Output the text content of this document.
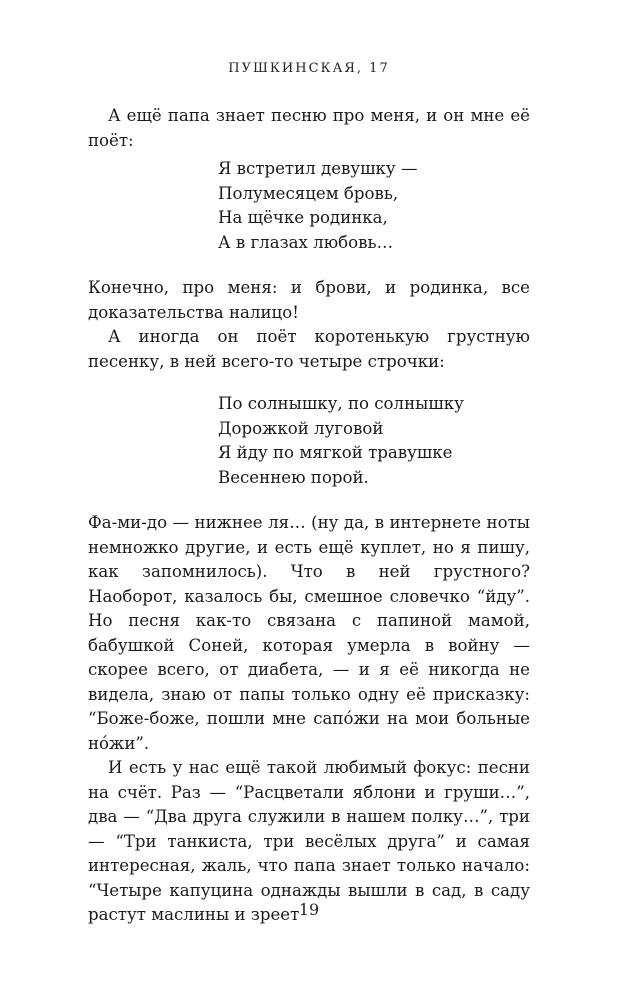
ПУШКИНСКАЯ, 17

А ещё папа знает песню про меня, и он мне её поёт:

Я встретил девушку —
Полумесяцем бровь,
На щёчке родинка,
А в глазах любовь…

Конечно, про меня: и брови, и родинка, все доказательства налицо!

А иногда он поёт коротенькую грустную песенку, в ней всего-то четыре строчки:

По солнышку, по солнышку
Дорожкой луговой
Я йду по мягкой травушке
Весеннею порой.

Фа-ми-до — нижнее ля… (ну да, в интернете ноты немножко другие, и есть ещё куплет, но я пишу, как запомнилось). Что в ней грустного? Наоборот, казалось бы, смешное словечко “йду”. Но песня как-то связана с папиной мамой, бабушкой Соней, которая умерла в войну — скорее всего, от диабета, — и я её никогда не видела, знаю от папы только одну её присказку: “Боже-боже, пошли мне сапóжи на мои больные нóжи”.

И есть у нас ещё такой любимый фокус: песни на счёт. Раз — “Расцветали яблони и груши…”, два — “Два друга служили в нашем полку…”, три — “Три танкиста, три весёлых друга” и самая интересная, жаль, что папа знает только начало: “Четыре капуцина однажды вышли в сад, в саду растут маслины и зреет 19
